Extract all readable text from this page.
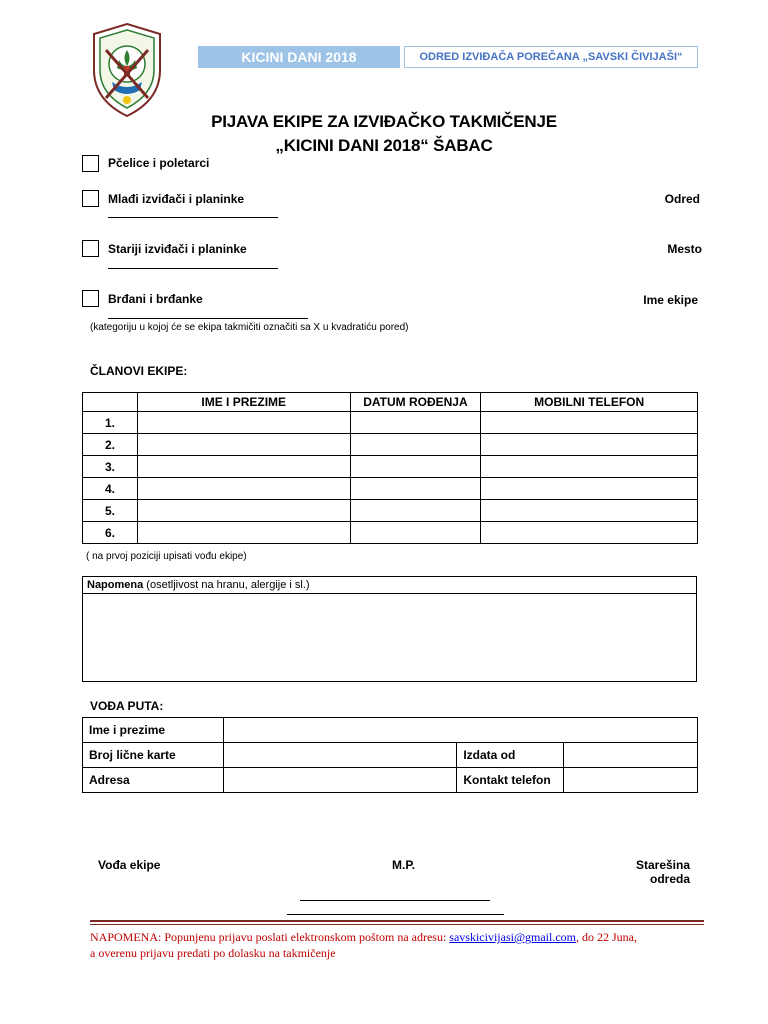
KICINI DANI 2018	ODRED IZVIĐAČA POREČANA „SAVSKI ČIVIJAŠI“
PIJAVA EKIPE ZA IZVIĐAČKO TAKMIČENJE
„KICINI DANI 2018“ ŠABAC
Pčelice i poletarci
Mlađi izviđači i planinke	Odred
Stariji izviđači i planinke	Mesto
Brđani i brđanke	Ime ekipe
(kategoriju u kojoj će se ekipa takmičiti označiti sa X u kvadratiću pored)
ČLANOVI EKIPE:
	IME I PREZIME	DATUM ROĐENJA	MOBILNI TELEFON
1.			
2.			
3.			
4.			
5.			
6.			
( na prvoj poziciji upisati vođu ekipe)
Napomena (osetljivost na hranu, alergije i sl.)
VOĐA PUTA:
Ime i prezime			
Broj lične karte		Izdata od	
Adresa		Kontakt telefon	
Vođa ekipe	M.P.	Starešina odreda
NAPOMENA: Popunjenu prijavu poslati elektronskom poštom na adresu: savskicivijasi@gmail.com, do 22 Juna,
a overenu prijavu predati po dolasku na takmičenje
